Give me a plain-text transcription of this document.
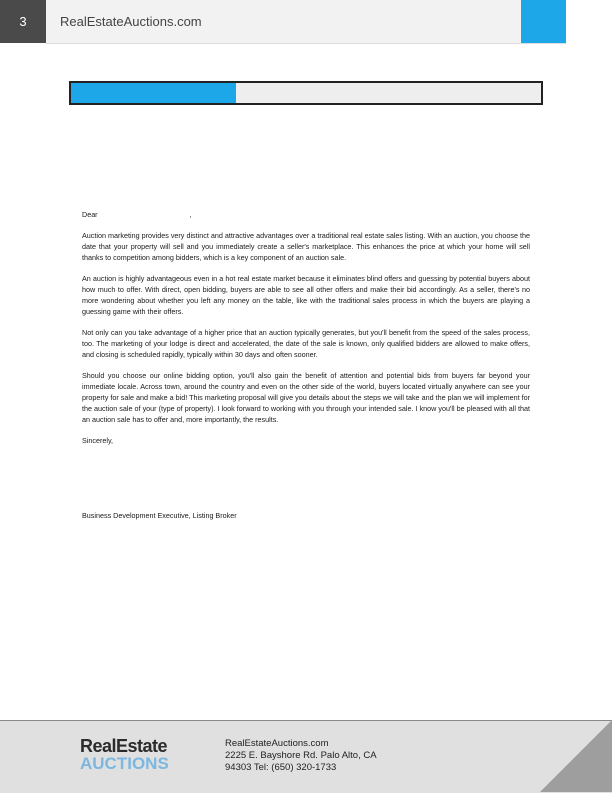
3	RealEstateAuctions.com

Dear	,

Auction marketing provides very distinct and attractive advantages over a traditional real estate sales listing. With an auction, you choose the date that your property will sell and you immediately create a seller's marketplace. This enhances the price at which your home will sell thanks to competition among bidders, which is a key component of an auction sale.

An auction is highly advantageous even in a hot real estate market because it eliminates blind offers and guessing by potential buyers about how much to offer. With direct, open bidding, buyers are able to see all other offers and make their bid accordingly. As a seller, there's no more wondering about whether you left any money on the table, like with the traditional sales process in which the buyers are playing a guessing game with their offers.

Not only can you take advantage of a higher price that an auction typically generates, but you'll benefit from the speed of the sales process, too. The marketing of your lodge is direct and accelerated, the date of the sale is known, only qualified bidders are allowed to make offers, and closing is scheduled rapidly, typically within 30 days and often sooner.

Should you choose our online bidding option, you'll also gain the benefit of attention and potential bids from buyers far beyond your immediate locale. Across town, around the country and even on the other side of the world, buyers located virtually anywhere can see your property for sale and make a bid! This marketing proposal will give you details about the steps we will take and the plan we will implement for the auction sale of your (type of property). I look forward to working with you through your intended sale. I know you'll be pleased with all that an auction sale has to offer and, more importantly, the results.

Sincerely,

Business Development Executive, Listing Broker

RealEstate
AUCTIONS
RealEstateAuctions.com
2225 E. Bayshore Rd. Palo Alto, CA
94303 Tel: (650) 320-1733
